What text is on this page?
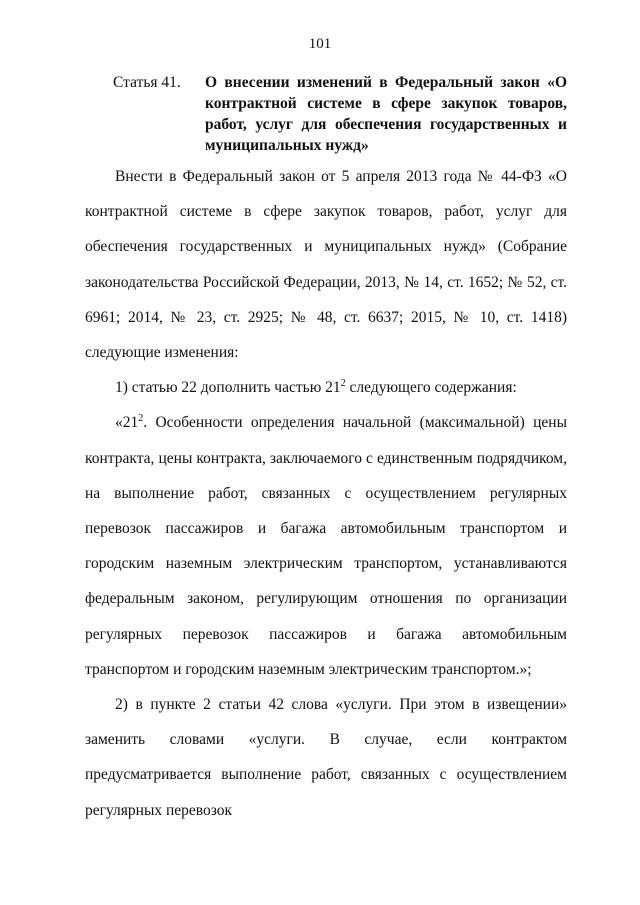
101
Статья 41. О внесении изменений в Федеральный закон «О контрактной системе в сфере закупок товаров, работ, услуг для обеспечения государственных и муниципальных нужд»

Внести в Федеральный закон от 5 апреля 2013 года № 44-ФЗ «О контрактной системе в сфере закупок товаров, работ, услуг для обеспечения государственных и муниципальных нужд» (Собрание законодательства Российской Федерации, 2013, № 14, ст. 1652; № 52, ст. 6961; 2014, № 23, ст. 2925; № 48, ст. 6637; 2015, № 10, ст. 1418) следующие изменения:

1) статью 22 дополнить частью $21^2$ следующего содержания:

«$21^2$. Особенности определения начальной (максимальной) цены контракта, цены контракта, заключаемого с единственным подрядчиком, на выполнение работ, связанных с осуществлением регулярных перевозок пассажиров и багажа автомобильным транспортом и городским наземным электрическим транспортом, устанавливаются федеральным законом, регулирующим отношения по организации регулярных перевозок пассажиров и багажа автомобильным транспортом и городским наземным электрическим транспортом.»;

2) в пункте 2 статьи 42 слова «услуги. При этом в извещении» заменить словами «услуги. В случае, если контрактом предусматривается выполнение работ, связанных с осуществлением регулярных перевозок
